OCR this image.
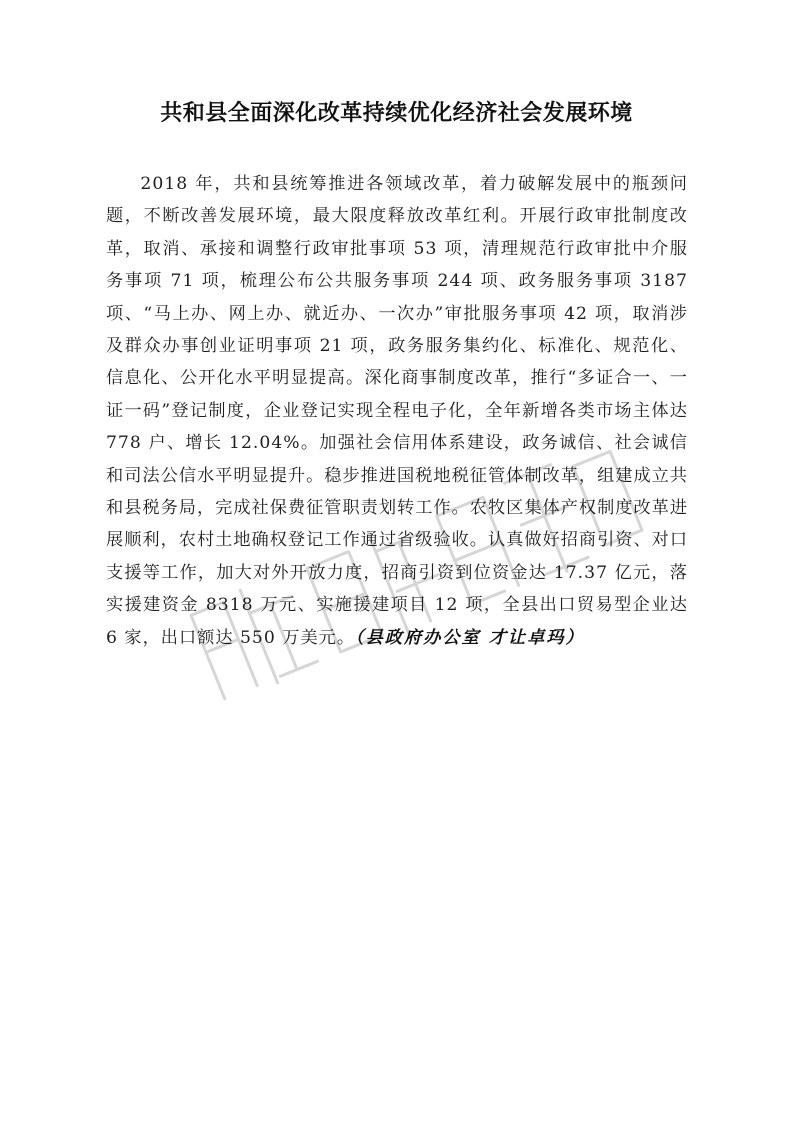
共和县全面深化改革持续优化经济社会发展环境

2018 年，共和县统筹推进各领域改革，着力破解发展中的瓶颈问题，不断改善发展环境，最大限度释放改革红利。开展行政审批制度改革，取消、承接和调整行政审批事项 53 项，清理规范行政审批中介服务事项 71 项，梳理公布公共服务事项 244 项、政务服务事项 3187 项、“马上办、网上办、就近办、一次办”审批服务事项 42 项，取消涉及群众办事创业证明事项 21 项，政务服务集约化、标准化、规范化、信息化、公开化水平明显提高。深化商事制度改革，推行“多证合一、一证一码”登记制度，企业登记实现全程电子化，全年新增各类市场主体达 778 户、增长 12.04%。加强社会信用体系建设，政务诚信、社会诚信和司法公信水平明显提升。稳步推进国税地税征管体制改革，组建成立共和县税务局，完成社保费征管职责划转工作。农牧区集体产权制度改革进展顺利，农村土地确权登记工作通过省级验收。认真做好招商引资、对口支援等工作，加大对外开放力度，招商引资到位资金达 17.37 亿元，落实援建资金 8318 万元、实施援建项目 12 项，全县出口贸易型企业达 6 家，出口额达 550 万美元。（县政府办公室 才让卓玛）
